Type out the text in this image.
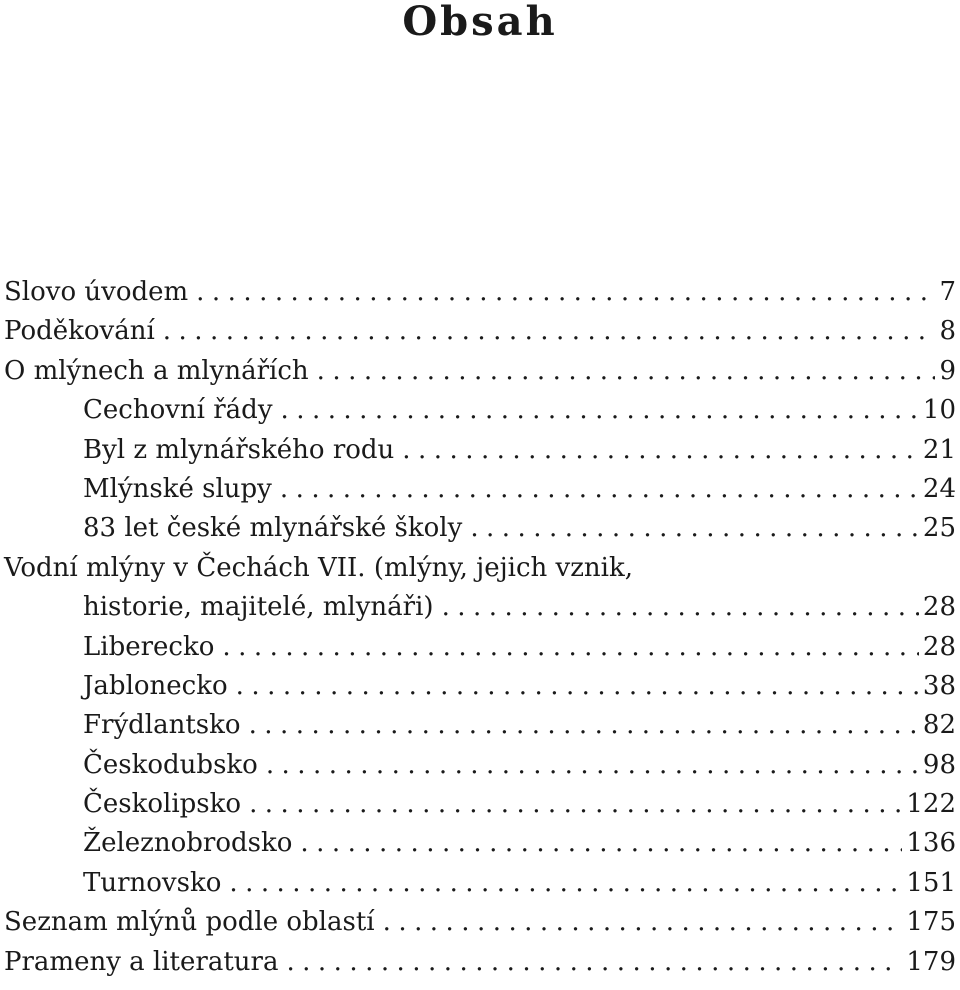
Obsah
Slovo úvodem . . .	7
Poděkování . . .	8
O mlýnech a mlynářích . . .	9
Cechovní řády . . .	10
Byl z mlynářského rodu . . .	21
Mlýnské slupy . . .	24
83 let české mlynářské školy . . .	25
Vodní mlýny v Čechách VII. (mlýny, jejich vznik,
historie, majitelé, mlynáři) . . .	28
Liberecko . . .	28
Jablonecko . . .	38
Frýdlantsko . . .	82
Českodubsko . . .	98
Českolipsko . . .	122
Železnobrodsko . . .	136
Turnovsko . . .	151
Seznam mlýnů podle oblastí . . .	175
Prameny a literatura . . .	179
